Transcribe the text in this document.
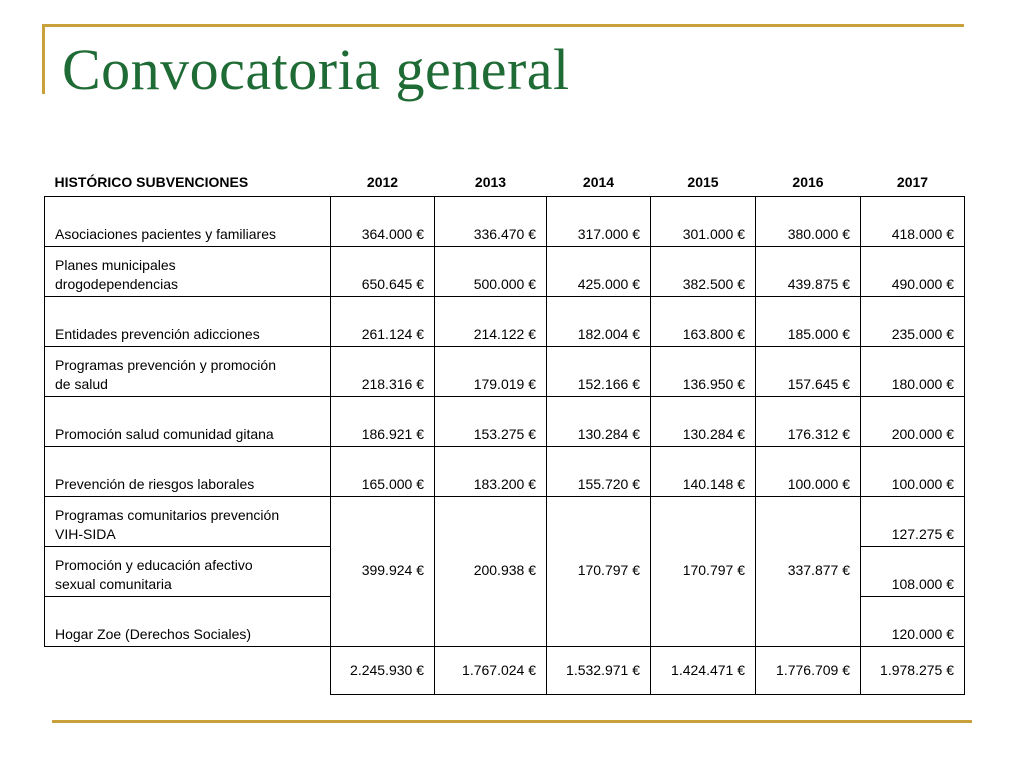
Convocatoria general
HISTÓRICO SUBVENCIONES	2012	2013	2014	2015	2016	2017
Asociaciones pacientes y familiares	364.000 €	336.470 €	317.000 €	301.000 €	380.000 €	418.000 €
Planes municipales
drogodependencias	650.645 €	500.000 €	425.000 €	382.500 €	439.875 €	490.000 €
Entidades prevención adicciones	261.124 €	214.122 €	182.004 €	163.800 €	185.000 €	235.000 €
Programas prevención y promoción
de salud	218.316 €	179.019 €	152.166 €	136.950 €	157.645 €	180.000 €
Promoción salud comunidad gitana	186.921 €	153.275 €	130.284 €	130.284 €	176.312 €	200.000 €
Prevención de riesgos laborales	165.000 €	183.200 €	155.720 €	140.148 €	100.000 €	100.000 €
Programas comunitarios prevención
VIH-SIDA	399.924 €	200.938 €	170.797 €	170.797 €	337.877 €	127.275 €
Promoción y educación afectivo
sexual comunitaria						108.000 €
Hogar Zoe (Derechos Sociales)						120.000 €
	2.245.930 €	1.767.024 €	1.532.971 €	1.424.471 €	1.776.709 €	1.978.275 €
